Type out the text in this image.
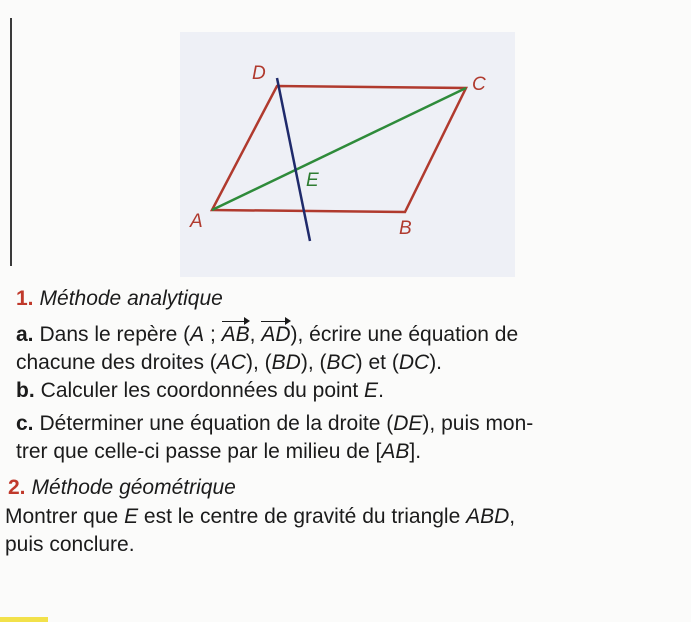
D
C
A	B
E
1. Méthode analytique
a. Dans le repère (A ; AB, AD), écrire une équation de
chacune des droites (AC), (BD), (BC) et (DC).
b. Calculer les coordonnées du point E.
c. Déterminer une équation de la droite (DE), puis mon-
trer que celle-ci passe par le milieu de [AB].
2. Méthode géométrique
Montrer que E est le centre de gravité du triangle ABD,
puis conclure.
